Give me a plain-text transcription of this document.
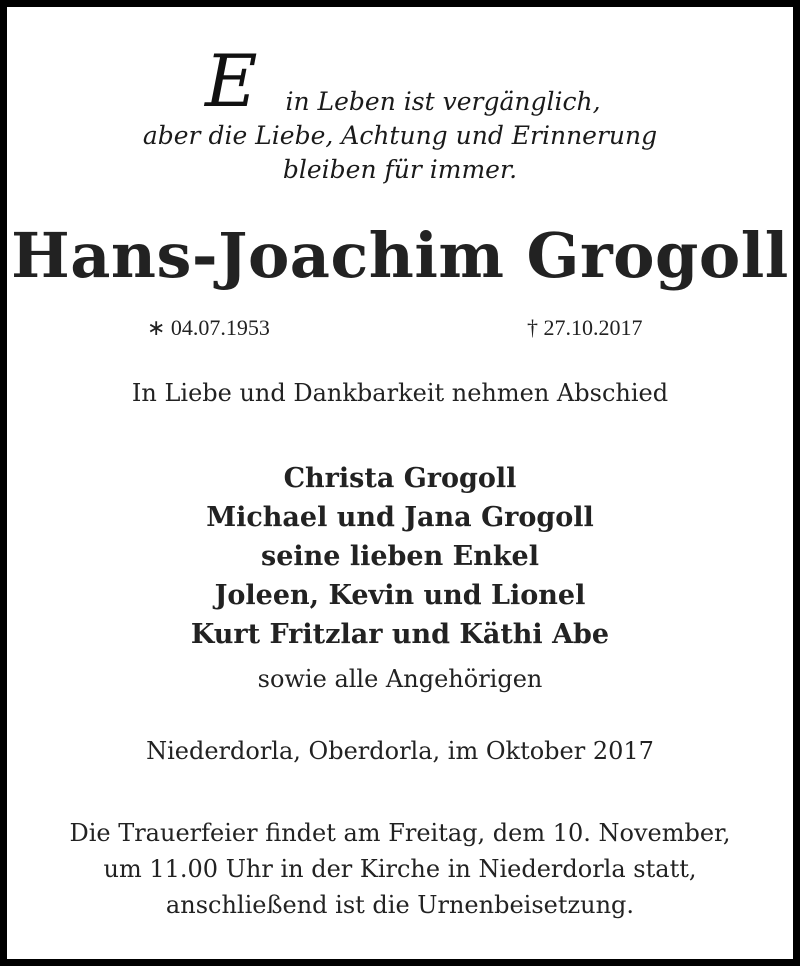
E	in Leben ist vergänglich,
aber die Liebe, Achtung und Erinnerung
bleiben für immer.
Hans-Joachim Grogoll
∗ 04.07.1953	† 27.10.2017
In Liebe und Dankbarkeit nehmen Abschied
Christa Grogoll
Michael und Jana Grogoll
seine lieben Enkel
Joleen, Kevin und Lionel
Kurt Fritzlar und Käthi Abe
sowie alle Angehörigen
Niederdorla, Oberdorla, im Oktober 2017
Die Trauerfeier findet am Freitag, dem 10. November,
um 11.00 Uhr in der Kirche in Niederdorla statt,
anschließend ist die Urnenbeisetzung.
